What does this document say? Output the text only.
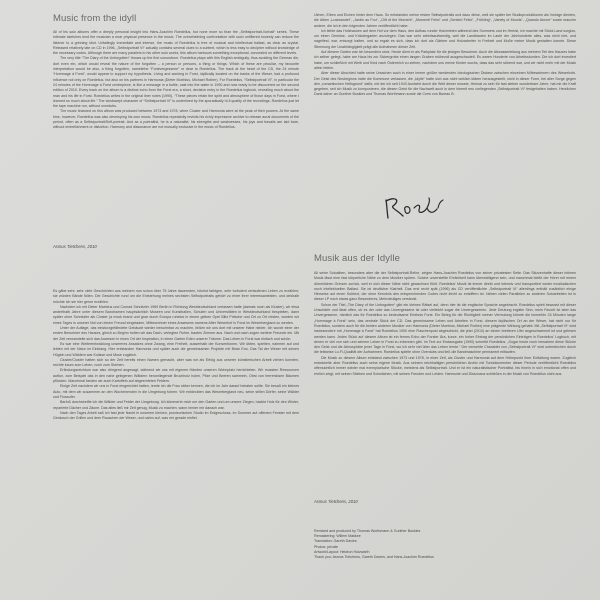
Music from the idyll

All of his solo albums offer a deeply personal insight into Hans-Joachim Roedelius, but none more so than the „Selbstportrait-Vorhalt“ series. These intimate sketches lend the musician a near physical presence in the music. The overwhelming confrontation with such unfiltered honesty can reduce the listener to a grinning idiot. Unfailingly immediate and intense, the music of Roedelius is free of musical and intellectual ballast, as clear as crystal. Released relatively late on CD in 1996, „Selbstportrait VI“ actually contains several clues to a subtext, which is less easy to decipher without knowledge of the necessary codes. Although there are many parallels to his other solo works, this album harbours something exceptional, concealed on different levels.

The very title “The Diary of the Unforgotten” throws up the first conundrum. Roedelius plays with this English ambiguity, thus avoiding the German die, dort even ein, which would reveal the nature of the forgotten – a person or persons, a thing or things. Which of these are peculiar, my favourite interpretation would be also, a thing forgotten, namelethe “Forstvergessene” or dear to Roedelius. The track at the heart of the CD, the 24 minute “Hommage à Forst”, would appear to support my hypothesis. Living and working in Forst, idyllically located on the banks of the Weser, had a profound influence not only on Roedelius, but also on his partners in Harmonia (Dieter Moebius, Michael Rother). For Roedelius, “Selbstportrait VI”, in particular the 24 minutes of the Hommage à Forst centrepiece, is like a message in a bottle, cast into the water in 1990 and now ready to be discovered on the second edition of 2010. Every track on the album is a distinct echo from the Forst era, a short, decisive entry in the Roedelius logbook, revealing much about the man and his life in Forst. Roedelius writes in the original liner notes (1990), “These pieces retain the spirit and atmosphere of those days in Forst, where I learned so much about life.” The windswept character of “Selbstportrait VI” is underlined by the sporadically hi-fi quality of the recordings. Roedelius just let the tape machine run, without overdubs.

The music featured on this album was produced between 1973 and 1978, when Cluster and Harmonia were at the peak of their powers. At the same time, however, Roedelius was also developing his own music. Roedelius repeatedly revisits his richly impressive archive to release aural documents of the period, often as a Selbstportrait/Self-portrait. And as a portraitist, he is a naturalist; his strengths and weaknesses, his joys and travails are laid bare, without embellishment or distortion. Harmony and dissonance are not mutually exclusive in the music of Roedelius.

Asmus Tietchens, 2010

Es gäbe sehr, sehr viele Geschichten aus meinem nun schon über 75 Jahre dauernden, höchst farbigen, sehr turbulent verlaufenen Leben zu erzählen; sie würden Bände füllen. Die Geschichte rund um die Entstehung meines sechsten Selbstportraits gehört zu einer ihrer interessantesten, und deshalb möchte ich sie hier gerne erzählen.

Nachdem ich mit Dieter Moebius und Conrad Schnitzler 1969 Berlin in Richtung Westdeutschland verlassen hatte (damals noch als Kluster), wir etwa anderthalb Jahre unter diesem Bandnamen hauptsächlich Museen und Kunsthallen, Schulen und Universitäten in Westdeutschland bespielten, dann später ohne Schnitzler als Cluster (a mock brand und gnar durch Europa ruhelos in einem gelben Opel Blitz Pritsche und Ort zu Ort reisten, wurden wir eines Tages in unserer Not von einem Freund eingeladen, Mitbewohner eines Anwesens namens After Weserhof in Forst im Weserbergland zu werden.

Unter der Auflage, das einsturzgefährdete Gebäude wieder bewohnbar zu machen, ließen wir uns dort mit unserer Habe nieder. Ich wurde einer der ersten Bewohner des Hauses, gleich zu Beginn holten wir das Dach, verlegten Rohre, bauten Zimmer aus. Nach und nach zogen weitere Freunde ein. Mit der Zeit verwandelte sich das Anwesen in einen Ort der Inspiration, in einen Garten Eden unserer Träume. Das Leben in Forst war einfach und schön.

Es war eine Weiterentwicklung unsereres Ansatzes ohne Zwang, eine Freiheit, ausserhalb der Konventionen. Wir übten, spielten, nahmen auf und lebten mit der Natur im Einklang. Hier entstanden Harmonia und später auch die gemeinsamen Projekte mit Brian Eno. Das Tal der Weser mit seinen Hügeln und Wäldern war Kulisse und Muse zugleich.

Cluster/Cluster hatten sich so der Zeit bereits einen Namen gemacht, aber was wir als Erfolg aus unserer künstlerischen Arbeit ziehen konnten, reichte kaum zum Leben, noch zum Sterben.

Erfindungsreichtum war also dringend angesagt, während wir uns mit eigenen Händen unseren Wohnplatz herrichteten. Wir mussten Ressourcen auftun, zum Beispiel das in den nahe gelegenen Wäldern herumliegende Bruchholz holen, Pilze und Beeren sammeln, Obst von herrenlosen Bäumen pflücken. Manchmal fanden wir auch Kartoffeln auf abgeernteten Feldern.

Einige Zeit nachdem wir uns in Forst eingerichtet hatten, lernte ich die Frau näher kennen, die ich im Jahr darauf heiraten sollte. Sie besaß ein kleines Auto, mit dem wir zusammen an den Wochenenden in die Umgebung fuhren. Wir entdeckten das Weserbergland neu, seine stillen Dörfer, seine Wälder und Flussufer.

Barfuß durchstreifte ich die Wälder und Felder der Umgebung. Ich kümmerte mich um den Garten und um unsere Ziegen, hackte Holz für den Winter, reparierte Dächer und Zäune. Das alles ließ mir Zeit genug, Musik zu machen, wann immer mir danach war.

Nach den Tages Arbeit saß ich fast jede Nacht in unserem kleinen, provisorischen Studio im Erdgeschoss, im Sommer auf offenem Fenster mit dem Geräusch der Grillen und dem Rauschen der Weser, und nahm auf, was mir gerade einfiel.

Ulmen, Eiben und Eichen hinter dem Haus. So entstanden meine ersten Selbstportraits und dazu diese, weil sie später bei Studioproduktionen als Vorlage dienten, die Alben „Lustwandel“, „Jardin au Fou“, „Gift of the Moment“, „Momenti Felici“ und „Sentieri Felici“, „Frühling“, „Variety of Moods“, „Quando Amore“ sowie manche andere, die ich in den folgenden Jahren veröffentlicht habe.

Ich liebte das Holzhacken auf dem Hof vor dem Haus, den Aufbau runder Holzmieten während des Sommers und im Herbst, ich machte mit Stück Land sorglos, um einen Gemüse- und Kräutergarten anzulegen. Das war sehr arbeitsaufwendig, weil die Landbauten im Laufe der Jahrhunderte alles, was nicht niet- und nagelfest, war, entsorgt hatten, und so ergab es sich, dass ich dort als Gärtner und Holzarbeiter in Freiheit und Muße meine Musik gestalten konnte. Diese Stimmung der Unabhängigkeit prägt alle Aufnahmen dieser Zeit.

Auf diesem Garten war ich besonders stolz. Heute dient er als Parkplatz für die jetzigen Bewohner. Auch die Abwasserleitung aus meinem Teil des Hauses habe ich selber gelegt, habe am Haus bis zur Sickergrube einen langen Graben mühevoll ausgeschaufelt. Es waren Hunderte von Arbeitsstunden. Die ich dort investiert habe, um schließlich mit Weib und Kind nach Österreich zu ziehen, nachdem uns meine Kinder wuchs, dass das sehr störend war, und wir nicht mehr mit der Musik allein lebten.

Aber dieser Abschied hatte seine Ursachen auch in einer immer größer werdenden ideologischen Distanz zwischen einzelnen Mitbewohnern des Weserhofs. Der Geist des Neubeginns hatte die Kommune verlassen, die „Idylle“ hatte sich aus nicht wirklich klären herausgestellt, nicht in dieser Form, bei aller Sorge gegen den „romantischen Heilsgrund“ dafür, mit der ich seit 1943 Ausfahrt durch die Welt dieser musste, Heimat zu sein für fast sieben wunderbare Jahre, hat mir die Kraft gegeben, seit ich Musik zu komponieren, die diesen Geist für die Nachwelt auch in dem hiermit neu vorliegenden „Selbstportrait VI“ festgehalten haben. Herzlichen Dank daher an Gunther Buskies und Thomas Worthmann sowie die Crew von Bureau B.

Musik aus der Idylle

All seine Soloalben, besonders aber die der Selbstportrait-Reihe, zeigen Hans-Joachim Roedelius von seiner privatesten Seite. Das Skizzenhafte dieser intimen Musik lässt eine fast körperliche Nähe zu dem Musiker spüren. Solche unverstellte Ehrlichkeit kann überwältigend sein, und manchmal bleibt der Hörer mit einem dümmlichen Grinsen zurück, weil er sich dieser Nähe nicht gewachsen fühlt. Roedelius’ Musik ist immer direkt und intensiv und transportiert weder musikalischen noch intellektuellen Ballast. Sie ist deutlicher Klarheit. Das erst recht spät (1996) als CD veröffentlichte „Selbstportrait VI“ allerdings enthält zusätzlich einige Hinweise auf einen Subtext, der ohne Kenntnis des entsprechenden Codes nicht leicht zu entziffern ist. Neben vielen Parallelen zu anderen Soloarbeiten ist in dieser LP noch etwas ganz Besonderes, Mehrdeutiges versteckt.

Schon der Titel „The Diary of the Unforgotten“ gibt ein kleines Rätsel auf, denn hier ist die englische Sprache angebracht. Roedelius spielt bewusst mit dieser Unschärfe und lässt offen, ob es der oder das Unvergessene ist oder vielleicht sogar die Unvergessenen. Jede Deutung ergäbe Sinn, mein Favorit ist aber das Unvergessene, nämlich das für Roedelius so bedeutsame Erlebnis Forst. Ein Beleg für die Richtigkeit meiner Vermutung könnte die immerhin 24 Minuten lange „Hommage à Forst“ sein, das zentrale Stück der CD. Das gemeinsame Leben und Arbeiten in Forst, diesem idyllischen Ort an der Weser, hat nicht nur für Roedelius, sondern auch für die beiden anderen Musiker von Harmonia (Dieter Moebius, Michael Rother) eine prägende Wirkung gehabt. Mit „Selbstportrait VI“ wird insbesondere mit „Hommage à Forst“ hat Roedelius 1990 eine Flaschenpost abgeschickt, die jetzt (2010) an einem breiteren Ufer angeschwemmt ist und gelesen werden kann. Jedes Stück auf diesem Album ist ein fernes Echo der Forster Ära, kurze, ein hoher Eintrag der persönlichen Einträgen in Roedelius’ Logbuch, mit denen er viel von sich und seinem Leben in Forst zu erkennen gibt. Im Text zur Erstausgabe (1990) schreibt Roedelius: „Sogar heute noch bewahren diese Stücke den Geist und die Atmosphäre jener Tage in Forst, wo ich sehr viel über das Leben lernte.“ Der verwehte Charakter von „Selbstportrait VI“ wird unterstrichen durch die teilweise Lo-Fi-Qualität der Aufnahmen. Roedelius spielte ohne Overdubs und ließ die Bandmaschine permanent mitlaufen.

Die Musik zu diesem Album entstand zwischen 1973 und 1978, in einer Zeit, als Cluster und Harmonia auf dem Höhepunkt ihrer Entfaltung waren. Zugleich entwickelte aber Roedelius auch seine eigene Musik. Aus seinem reichhaltigen persönlichen Archiv mit Tondokumenten dieser Periode veröffentlicht Roedelius offensichtlich immer wieder mal exemplarische Stücke, meistens als Selbstportrait. Und er ist ein naturalistischer Portraitist, bis hinein in sich emotional offen und ehrlich zeigt, mit seinen Stärken und Schwächen, mit seinen Freuden und Leiden. Harmonie und Dissonanz schließen in der Musik von Roedelius nicht aus.

Asmus Tietchens, 2010
Remixed and produced by Thomas Worthmann & Gunther Buskies
Remastering: Willem Makkee
Translation: Gareth Davies
Photos: private
Artwork/Layout: Heidrun Holzwarth
Thank you: Asmus Tietchens, Gareth Davies, and Hans-Joachim Roedelius
